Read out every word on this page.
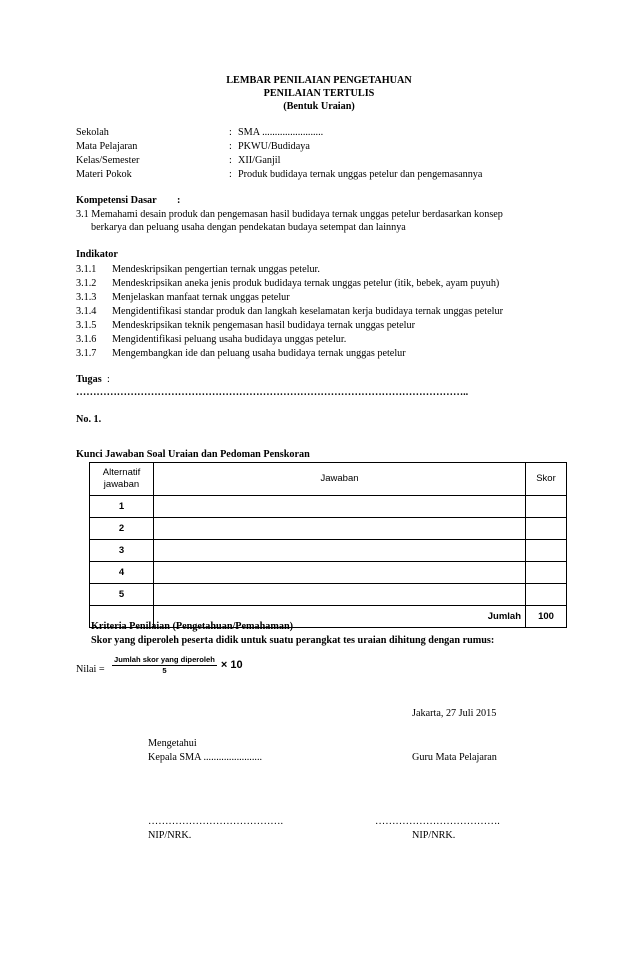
LEMBAR PENILAIAN PENGETAHUAN
PENILAIAN TERTULIS
(Bentuk Uraian)
Sekolah	: SMA ........................
Mata Pelajaran	: PKWU/Budidaya
Kelas/Semester	: XII/Ganjil
Materi Pokok	: Produk budidaya ternak unggas petelur dan pengemasannya
Kompetensi Dasar :
3.1 Memahami desain produk dan pengemasan hasil budidaya ternak unggas petelur berdasarkan konsep
berkarya dan peluang usaha dengan pendekatan budaya setempat dan lainnya
Indikator
3.1.1 Mendeskripsikan pengertian ternak unggas petelur.
3.1.2 Mendeskripsikan aneka jenis produk budidaya ternak unggas petelur (itik, bebek, ayam puyuh)
3.1.3 Menjelaskan manfaat ternak unggas petelur
3.1.4 Mengidentifikasi standar produk dan langkah keselamatan kerja budidaya ternak unggas petelur
3.1.5 Mendeskripsikan teknik pengemasan hasil budidaya ternak unggas petelur
3.1.6 Mengidentifikasi peluang usaha budidaya unggas petelur.
3.1.7 Mengembangkan ide dan peluang usaha budidaya ternak unggas petelur
Tugas :
……………………………………………………………………………………………………..
No. 1.
Kunci Jawaban Soal Uraian dan Pedoman Penskoran
Alternatif
jawaban	Jawaban	Skor
1		
2		
3		
4		
5		
	Jumlah	100
Kriteria Penilaian (Pengetahuan/Pemahaman)
Skor yang diperoleh peserta didik untuk suatu perangkat tes uraian dihitung dengan rumus:
Nilai = $\frac{\text{Jumlah skor yang diperoleh}}{5} \times 10$
Jakarta, 27 Juli 2015
Mengetahui
Kepala SMA .......................	Guru Mata Pelajaran
………………………………….	……………………………….
NIP/NRK.	NIP/NRK.
